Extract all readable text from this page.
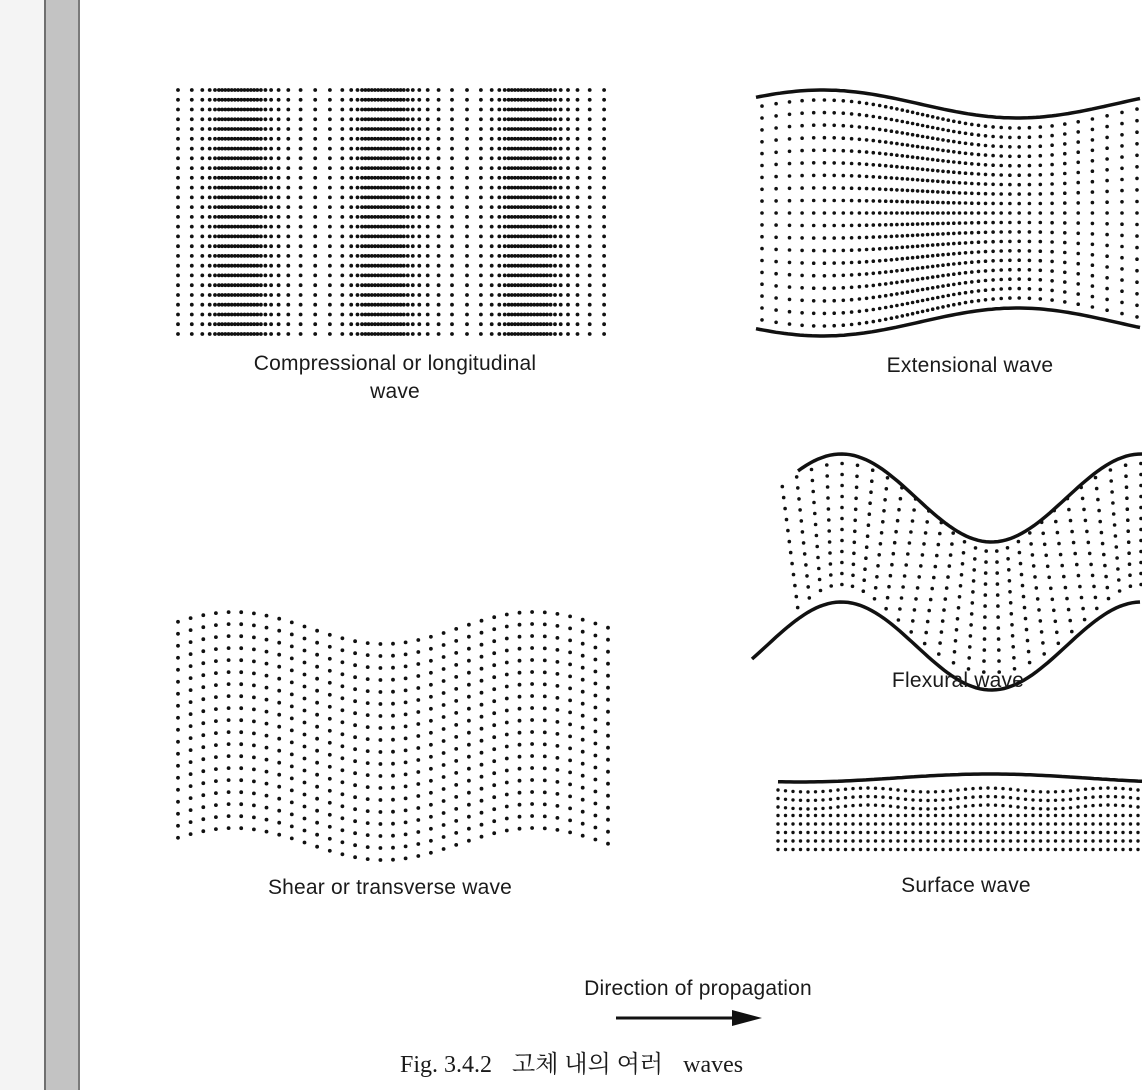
Compressional or longitudinal
wave
Extensional wave
Shear or transverse wave
Flexural wave
Surface wave
Direction of propagation
Fig. 3.4.2 고체 내의 여러 waves
